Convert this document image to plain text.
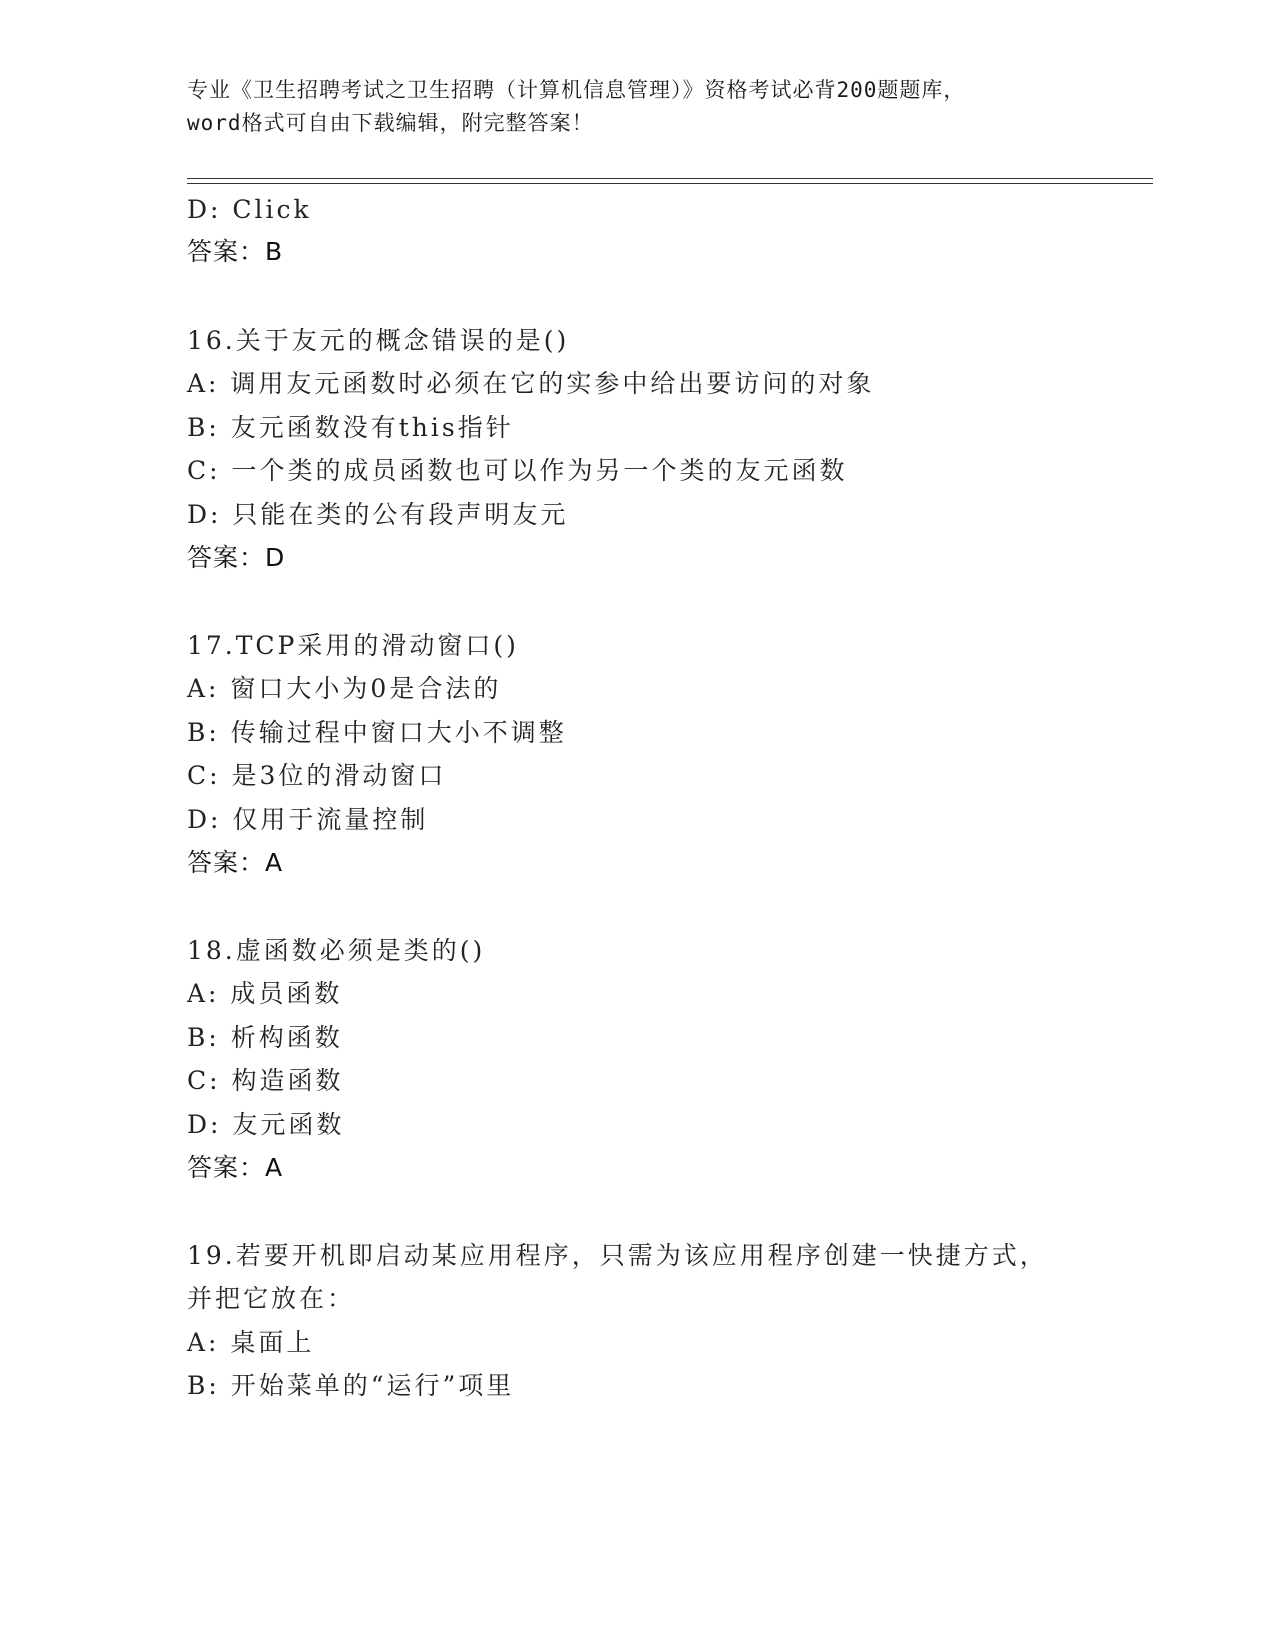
专业《卫生招聘考试之卫生招聘（计算机信息管理）》资格考试必背200题题库，
word格式可自由下载编辑，附完整答案！
D: Click
答案：B
16.关于友元的概念错误的是()
A: 调用友元函数时必须在它的实参中给出要访问的对象
B: 友元函数没有this指针
C: 一个类的成员函数也可以作为另一个类的友元函数
D: 只能在类的公有段声明友元
答案：D
17.TCP采用的滑动窗口()
A: 窗口大小为0是合法的
B: 传输过程中窗口大小不调整
C: 是3位的滑动窗口
D: 仅用于流量控制
答案：A
18.虚函数必须是类的()
A: 成员函数
B: 析构函数
C: 构造函数
D: 友元函数
答案：A
19.若要开机即启动某应用程序，只需为该应用程序创建一快捷方式，
并把它放在：
A: 桌面上
B: 开始菜单的“运行”项里
